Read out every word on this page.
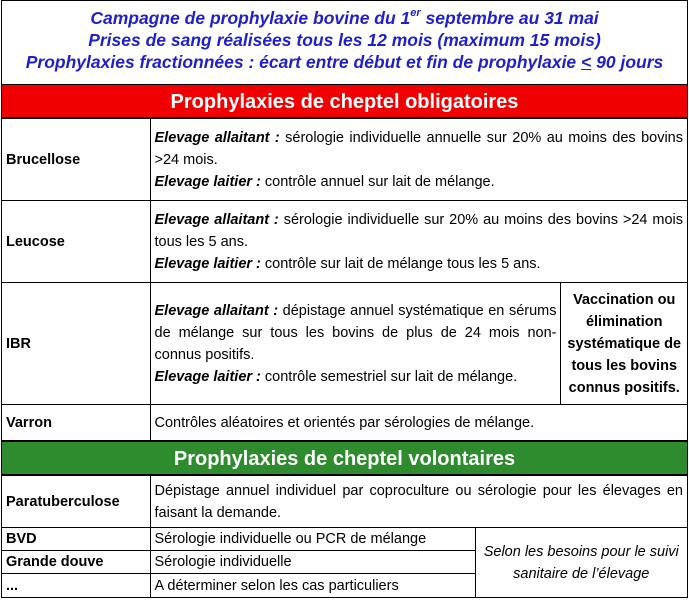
Campagne de prophylaxie bovine du 1er septembre au 31 mai
Prises de sang réalisées tous les 12 mois (maximum 15 mois)
Prophylaxies fractionnées : écart entre début et fin de prophylaxie < 90 jours
Prophylaxies de cheptel obligatoires
Brucellose	Elevage allaitant : sérologie individuelle annuelle sur 20% au moins des bovins >24 mois.
Elevage laitier : contrôle annuel sur lait de mélange.	
Leucose	Elevage allaitant : sérologie individuelle sur 20% au moins des bovins >24 mois tous les 5 ans.
Elevage laitier : contrôle sur lait de mélange tous les 5 ans.	
IBR	Elevage allaitant : dépistage annuel systématique en sérums de mélange sur tous les bovins de plus de 24 mois non-connus positifs.
Elevage laitier : contrôle semestriel sur lait de mélange.	Vaccination ou élimination systématique de tous les bovins connus positifs.
Varron	Contrôles aléatoires et orientés par sérologies de mélange.	
Prophylaxies de cheptel volontaires
Paratuberculose	Dépistage annuel individuel par coproculture ou sérologie pour les élevages en faisant la demande.	
BVD	Sérologie individuelle ou PCR de mélange	Selon les besoins pour le suivi sanitaire de l’élevage
Grande douve	Sérologie individuelle	
...	A déterminer selon les cas particuliers	
